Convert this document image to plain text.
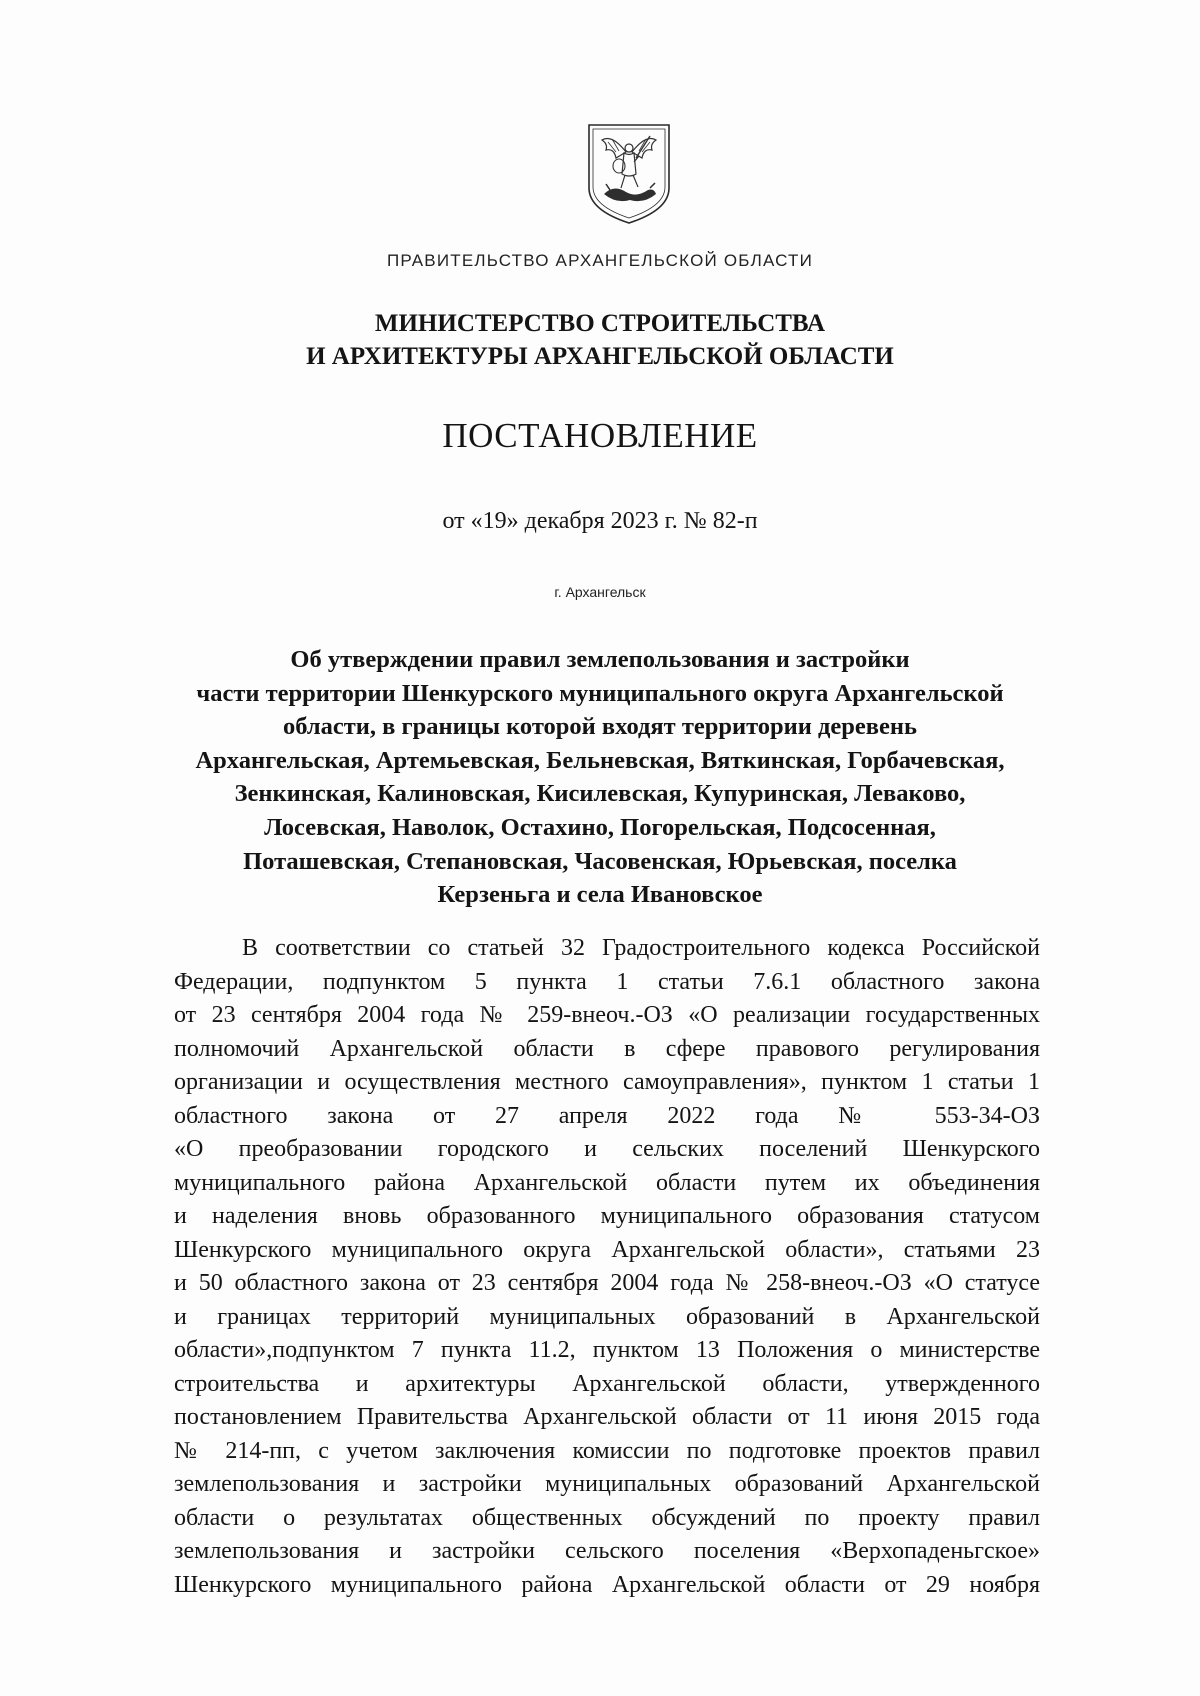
ПРАВИТЕЛЬСТВО АРХАНГЕЛЬСКОЙ ОБЛАСТИ
МИНИСТЕРСТВО СТРОИТЕЛЬСТВА
И АРХИТЕКТУРЫ АРХАНГЕЛЬСКОЙ ОБЛАСТИ
ПОСТАНОВЛЕНИЕ
от «19» декабря 2023 г. № 82-п
г. Архангельск
Об утверждении правил землепользования и застройки
части территории Шенкурского муниципального округа Архангельской
области, в границы которой входят территории деревень
Архангельская, Артемьевская, Бельневская, Вяткинская, Горбачевская,
Зенкинская, Калиновская, Кисилевская, Купуринская, Леваково,
Лосевская, Наволок, Остахино, Погорельская, Подсосенная,
Поташевская, Степановская, Часовенская, Юрьевская, поселка
Керзеньга и села Ивановское
В соответствии со статьей 32 Градостроительного кодекса Российской
Федерации, подпунктом 5 пункта 1 статьи 7.6.1 областного закона
от 23 сентября 2004 года № 259-внеоч.-ОЗ «О реализации государственных
полномочий Архангельской области в сфере правового регулирования
организации и осуществления местного самоуправления», пунктом 1 статьи 1
областного закона от 27 апреля 2022 года № 553-34-ОЗ
«О преобразовании городского и сельских поселений Шенкурского
муниципального района Архангельской области путем их объединения
и наделения вновь образованного муниципального образования статусом
Шенкурского муниципального округа Архангельской области», статьями 23
и 50 областного закона от 23 сентября 2004 года № 258-внеоч.-ОЗ «О статусе
и границах территорий муниципальных образований в Архангельской
области»,подпунктом 7 пункта 11.2, пунктом 13 Положения о министерстве
строительства и архитектуры Архангельской области, утвержденного
постановлением Правительства Архангельской области от 11 июня 2015 года
№ 214-пп, с учетом заключения комиссии по подготовке проектов правил
землепользования и застройки муниципальных образований Архангельской
области о результатах общественных обсуждений по проекту правил
землепользования и застройки сельского поселения «Верхопаденьгское»
Шенкурского муниципального района Архангельской области от 29 ноября
